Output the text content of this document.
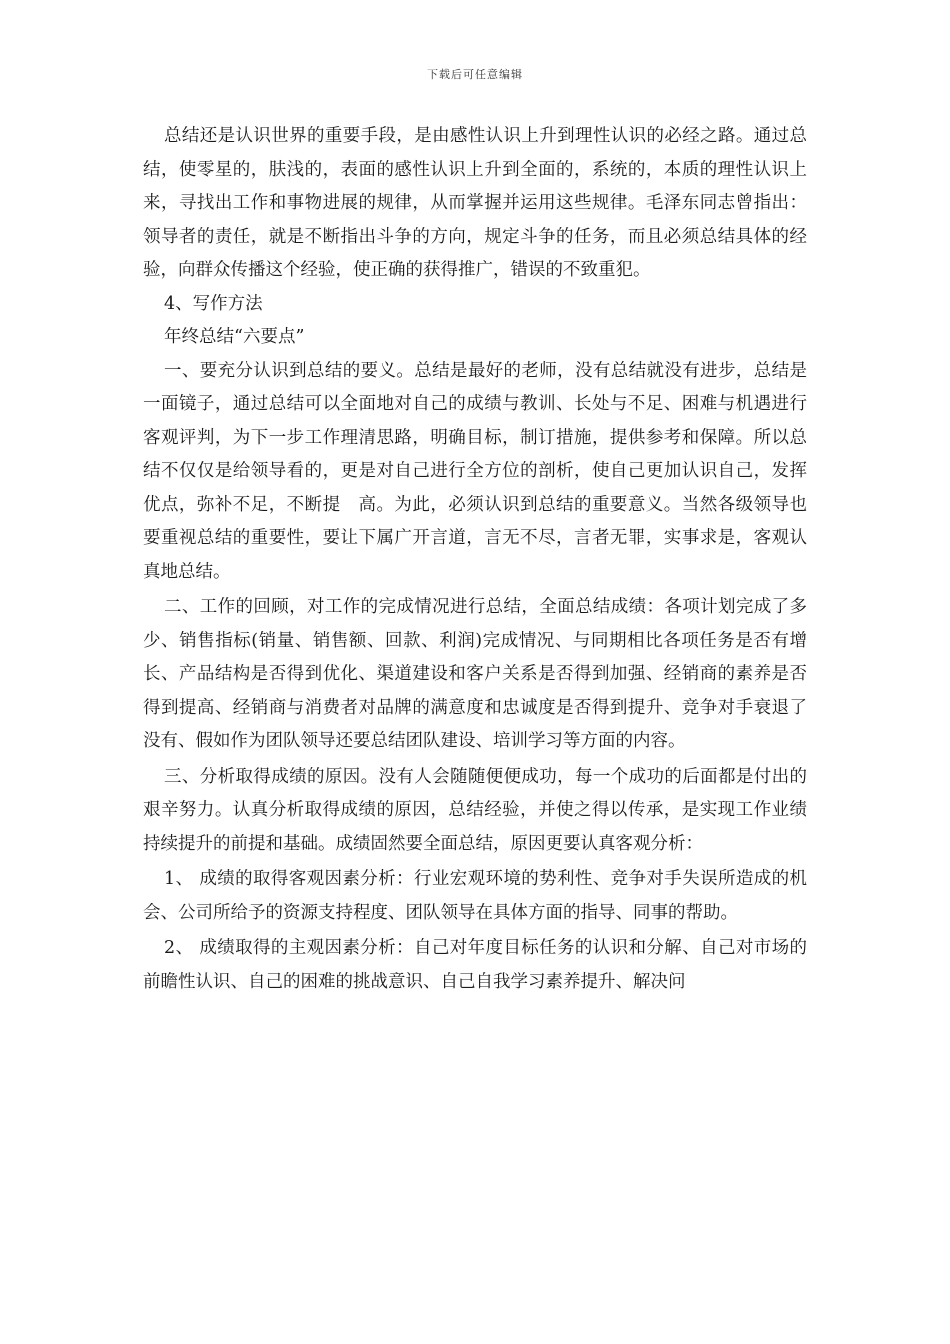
下载后可任意编辑

总结还是认识世界的重要手段，是由感性认识上升到理性认识的必经之路。通过总结，使零星的，肤浅的，表面的感性认识上升到全面的，系统的，本质的理性认识上来，寻找出工作和事物进展的规律，从而掌握并运用这些规律。毛泽东同志曾指出：领导者的责任，就是不断指出斗争的方向，规定斗争的任务，而且必须总结具体的经验，向群众传播这个经验，使正确的获得推广，错误的不致重犯。

4、写作方法

年终总结“六要点”

一、要充分认识到总结的要义。总结是最好的老师，没有总结就没有进步，总结是一面镜子，通过总结可以全面地对自己的成绩与教训、长处与不足、困难与机遇进行客观评判，为下一步工作理清思路，明确目标，制订措施，提供参考和保障。所以总结不仅仅是给领导看的，更是对自己进行全方位的剖析，使自己更加认识自己，发挥优点，弥补不足，不断提　高。为此，必须认识到总结的重要意义。当然各级领导也要重视总结的重要性，要让下属广开言道，言无不尽，言者无罪，实事求是，客观认真地总结。

二、工作的回顾，对工作的完成情况进行总结，全面总结成绩：各项计划完成了多少、销售指标(销量、销售额、回款、利润)完成情况、与同期相比各项任务是否有增长、产品结构是否得到优化、渠道建设和客户关系是否得到加强、经销商的素养是否得到提高、经销商与消费者对品牌的满意度和忠诚度是否得到提升、竞争对手衰退了没有、假如作为团队领导还要总结团队建设、培训学习等方面的内容。

三、分析取得成绩的原因。没有人会随随便便成功，每一个成功的后面都是付出的艰辛努力。认真分析取得成绩的原因，总结经验，并使之得以传承，是实现工作业绩持续提升的前提和基础。成绩固然要全面总结，原因更要认真客观分析：

1、 成绩的取得客观因素分析：行业宏观环境的势利性、竞争对手失误所造成的机会、公司所给予的资源支持程度、团队领导在具体方面的指导、同事的帮助。

2、 成绩取得的主观因素分析：自己对年度目标任务的认识和分解、自己对市场的前瞻性认识、自己的困难的挑战意识、自己自我学习素养提升、解决问
